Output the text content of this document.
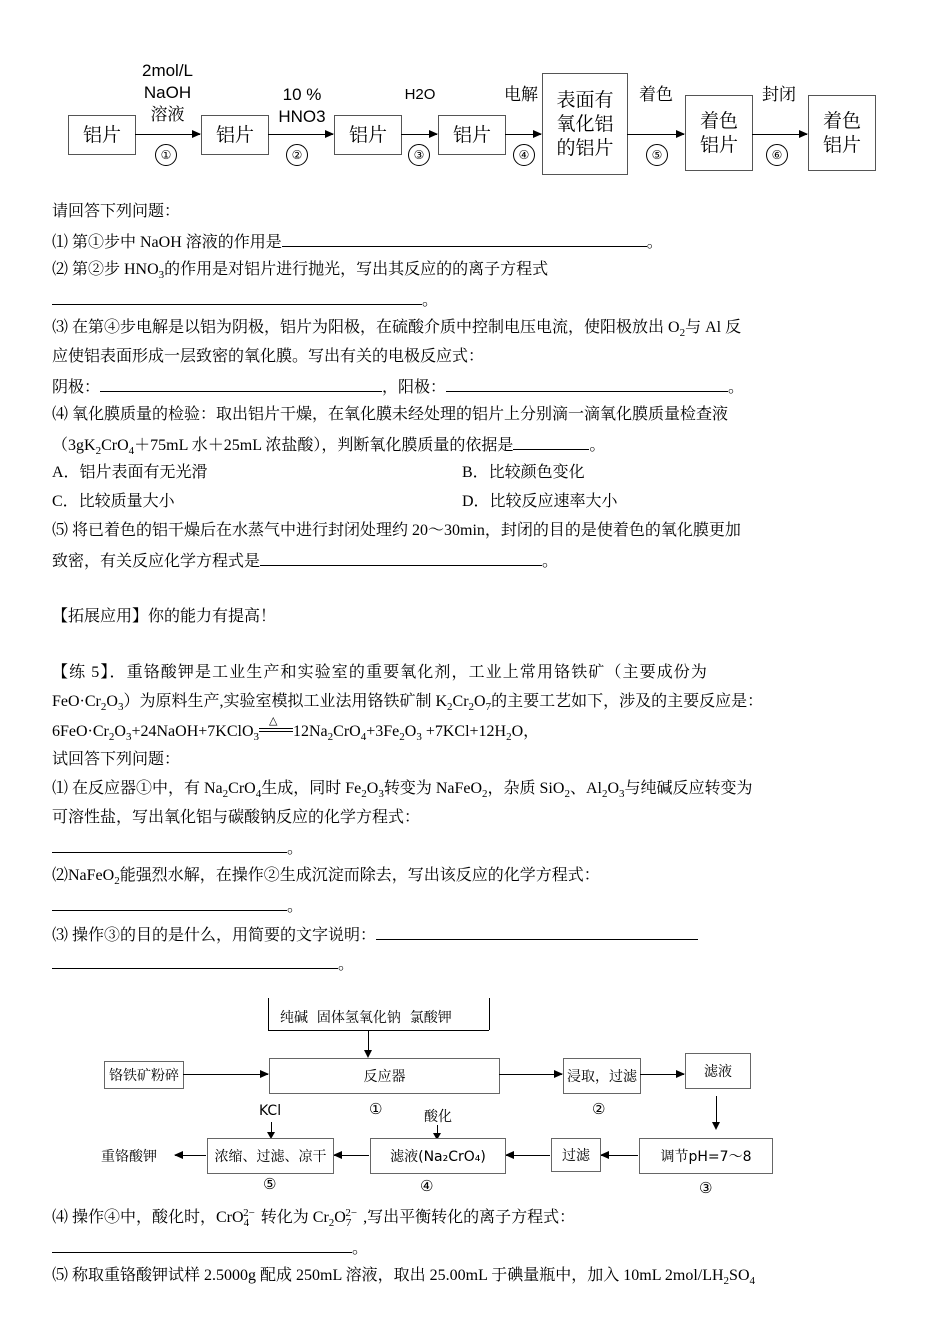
铝片	铝片	铝片	铝片
表面有
氧化铝
的铝片
着色
铝片
着色
铝片
2mol/L
NaOH
溶液
10 %
HNO3
H2O	电解	着色	封闭
①	②	③	④	⑤	⑥
请回答下列问题：
⑴ 第①步中 NaOH 溶液的作用是	。
⑵ 第②步 $HNO_3$的作用是对铝片进行抛光，写出其反应的的离子方程式
。
⑶ 在第④步电解是以铝为阴极，铝片为阳极，在硫酸介质中控制电压电流，使阳极放出 $O_2$与 Al 反
应使铝表面形成一层致密的氧化膜。写出有关的电极反应式：
阴极：	，阳极：	。
⑷ 氧化膜质量的检验：取出铝片干燥，在氧化膜未经处理的铝片上分别滴一滴氧化膜质量检查液
（$3gK_2CrO_4+75mL$ 水＋25mL 浓盐酸），判断氧化膜质量的依据是	。
A．铝片表面有无光滑	B．比较颜色变化
C．比较质量大小	D．比较反应速率大小
⑸ 将已着色的铝干燥后在水蒸气中进行封闭处理约 20～30min，封闭的目的是使着色的氧化膜更加
致密，有关反应化学方程式是	。
【拓展应用】你的能力有提高！
【练 5】．重铬酸钾是工业生产和实验室的重要氧化剂，工业上常用铬铁矿（主要成份为
$FeO\cdot Cr_2O_3$）为原料生产,实验室模拟工业法用铬铁矿制 $K_2Cr_2O_7$的主要工艺如下，涉及的主要反应是：
$6FeO\cdot Cr_2O_3+24NaOH+7KClO_3$
△
$12Na_2CrO_4+3Fe_2O_3 +7KCl+12H_2O$，
试回答下列问题：
⑴ 在反应器①中，有 $Na_2CrO_4$生成，同时 $Fe_2O_3$转变为 NaFeO$_2$，杂质 SiO$_2$、$Al_2O_3$与纯碱反应转变为
可溶性盐，写出氧化铝与碳酸钠反应的化学方程式：
。
⑵NaFeO$_2$能强烈水解，在操作②生成沉淀而除去，写出该反应的化学方程式：
。
⑶ 操作③的目的是什么，用简要的文字说明：
。
纯碱  固体氢氧化钠  氯酸钾
铬铁矿粉碎	反应器	浸取，过滤	滤液
①	②
KCl	酸化
调节pH=7～8
过滤
滤液(Na₂CrO₄)
浓缩、过滤、凉干
重铬酸钾
⑤	④	③
⑷ 操作④中，酸化时，CrO$_4^{2-}$ 转化为 $Cr_2O_7^{2-}$ ,写出平衡转化的离子方程式：
。
⑸ 称取重铬酸钾试样 2.5000g 配成 250mL 溶液，取出 25.00mL 于碘量瓶中，加入 10mL $2mol/LH_2SO_4$
